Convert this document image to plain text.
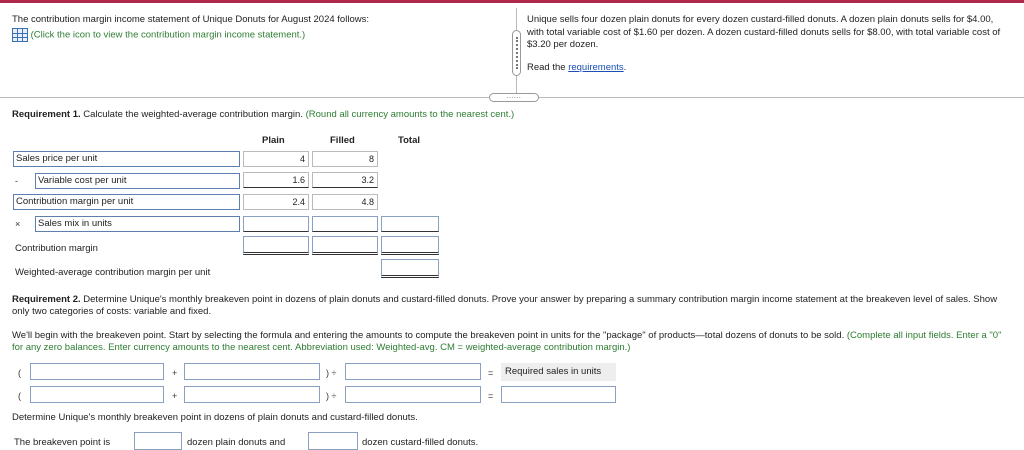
The contribution margin income statement of Unique Donuts for August 2024 follows:
(Click the icon to view the contribution margin income statement.)
Unique sells four dozen plain donuts for every dozen custard-filled donuts. A dozen plain donuts sells for $4.00, with total variable cost of $1.60 per dozen. A dozen custard-filled donuts sells for $8.00, with total variable cost of $3.20 per dozen.
Read the requirements.
......
Requirement 1. Calculate the weighted-average contribution margin. (Round all currency amounts to the nearest cent.)
Plain	Filled	Total
Sales price per unit	4	8
-	Variable cost per unit	1.6	3.2
Contribution margin per unit	2.4	4.8
×	Sales mix in units
Contribution margin
Weighted-average contribution margin per unit
Requirement 2. Determine Unique's monthly breakeven point in dozens of plain donuts and custard-filled donuts. Prove your answer by preparing a summary contribution margin income statement at the breakeven level of sales. Show only two categories of costs: variable and fixed.
We'll begin with the breakeven point. Start by selecting the formula and entering the amounts to compute the breakeven point in units for the "package" of products—total dozens of donuts to be sold. (Complete all input fields. Enter a "0" for any zero balances. Enter currency amounts to the nearest cent. Abbreviation used: Weighted-avg. CM = weighted-average contribution margin.)
(	+	) ÷	=	Required sales in units
(	+	) ÷	=
Determine Unique's monthly breakeven point in dozens of plain donuts and custard-filled donuts.
The breakeven point is	dozen plain donuts and	dozen custard-filled donuts.
